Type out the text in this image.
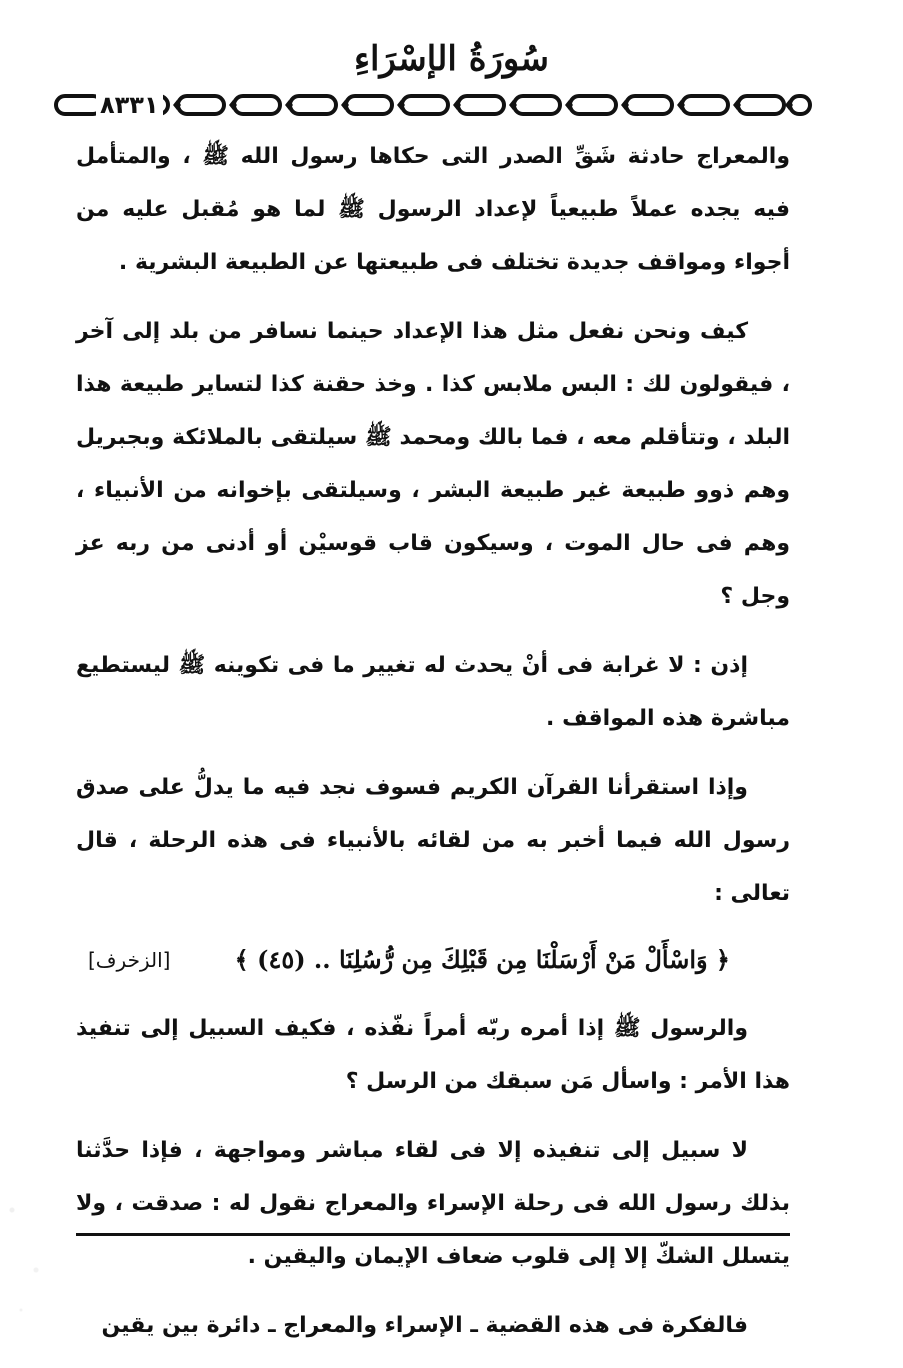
سُورَةُ الإسْرَاءِ
٨٣٣١

والمعراج حادثة شَقِّ الصدر التى حكاها رسول الله ﷺ ، والمتأمل فيه يجده عملاً طبيعياً لإعداد الرسول ﷺ لما هو مُقبل عليه من أجواء ومواقف جديدة تختلف فى طبيعتها عن الطبيعة البشرية .

كيف ونحن نفعل مثل هذا الإعداد حينما نسافر من بلد إلى آخر ، فيقولون لك : البس ملابس كذا . وخذ حقنة كذا لتساير طبيعة هذا البلد ، وتتأقلم معه ، فما بالك ومحمد ﷺ سيلتقى بالملائكة وبجبريل وهم ذوو طبيعة غير طبيعة البشر ، وسيلتقى بإخوانه من الأنبياء ، وهم فى حال الموت ، وسيكون قاب قوسيْن أو أدنى من ربه عز وجل ؟

إذن : لا غرابة فى أنْ يحدث له تغيير ما فى تكوينه ﷺ ليستطيع مباشرة هذه المواقف .

وإذا استقرأنا القرآن الكريم فسوف نجد فيه ما يدلُّ على صدق رسول الله فيما أخبر به من لقائه بالأنبياء فى هذه الرحلة ، قال تعالى :

﴿ وَاسْأَلْ مَنْ أَرْسَلْنَا مِن قَبْلِكَ مِن رُّسُلِنَا .. (٤٥) ﴾
[الزخرف]

والرسول ﷺ إذا أمره ربّه أمراً نفّذه ، فكيف السبيل إلى تنفيذ هذا الأمر : واسأل مَن سبقك من الرسل ؟

لا سبيل إلى تنفيذه إلا فى لقاء مباشر ومواجهة ، فإذا حدَّثنا بذلك رسول الله فى رحلة الإسراء والمعراج نقول له : صدقت ، ولا يتسلل الشكّ إلا إلى قلوب ضعاف الإيمان واليقين .

فالفكرة فى هذه القضية ـ الإسراء والمعراج ـ دائرة بين يقين
